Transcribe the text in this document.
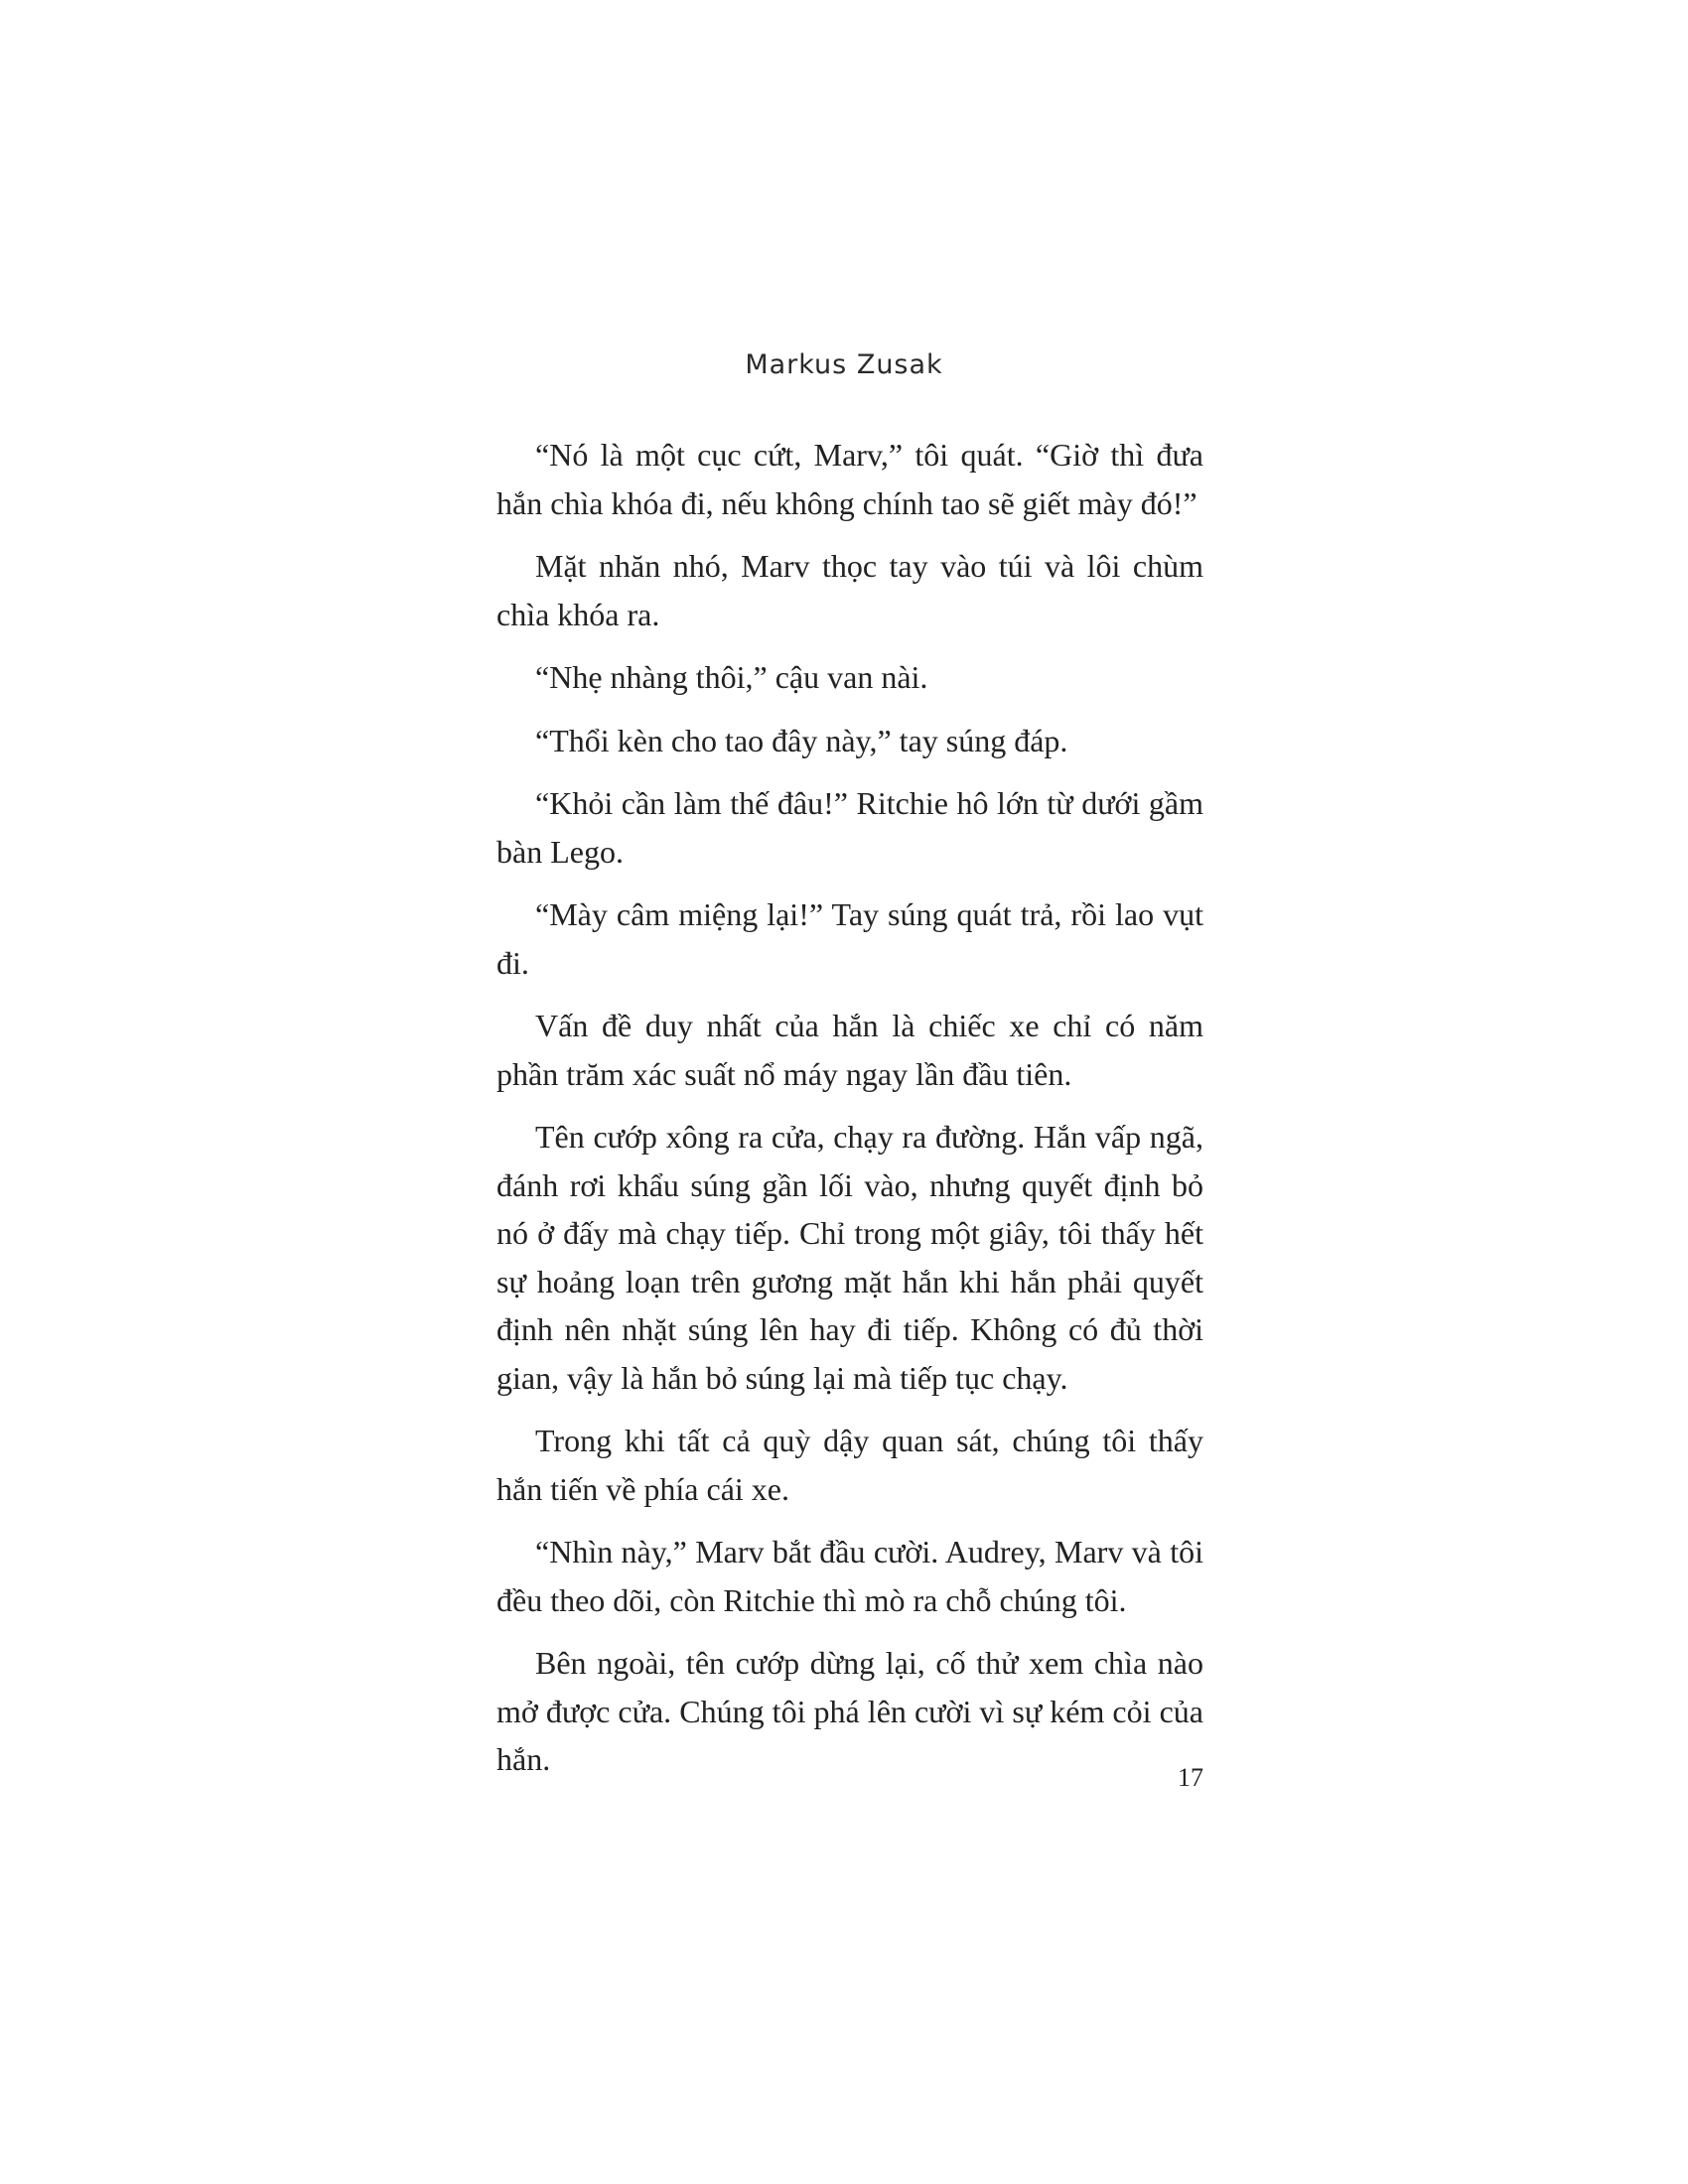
Markus Zusak

“Nó là một cục cứt, Marv,” tôi quát. “Giờ thì đưa hắn chìa khóa đi, nếu không chính tao sẽ giết mày đó!”

Mặt nhăn nhó, Marv thọc tay vào túi và lôi chùm chìa khóa ra.

“Nhẹ nhàng thôi,” cậu van nài.

“Thổi kèn cho tao đây này,” tay súng đáp.

“Khỏi cần làm thế đâu!” Ritchie hô lớn từ dưới gầm bàn Lego.

“Mày câm miệng lại!” Tay súng quát trả, rồi lao vụt đi.

Vấn đề duy nhất của hắn là chiếc xe chỉ có năm phần trăm xác suất nổ máy ngay lần đầu tiên.

Tên cướp xông ra cửa, chạy ra đường. Hắn vấp ngã, đánh rơi khẩu súng gần lối vào, nhưng quyết định bỏ nó ở đấy mà chạy tiếp. Chỉ trong một giây, tôi thấy hết sự hoảng loạn trên gương mặt hắn khi hắn phải quyết định nên nhặt súng lên hay đi tiếp. Không có đủ thời gian, vậy là hắn bỏ súng lại mà tiếp tục chạy.

Trong khi tất cả quỳ dậy quan sát, chúng tôi thấy hắn tiến về phía cái xe.

“Nhìn này,” Marv bắt đầu cười. Audrey, Marv và tôi đều theo dõi, còn Ritchie thì mò ra chỗ chúng tôi.

Bên ngoài, tên cướp dừng lại, cố thử xem chìa nào mở được cửa. Chúng tôi phá lên cười vì sự kém cỏi của hắn.

17
